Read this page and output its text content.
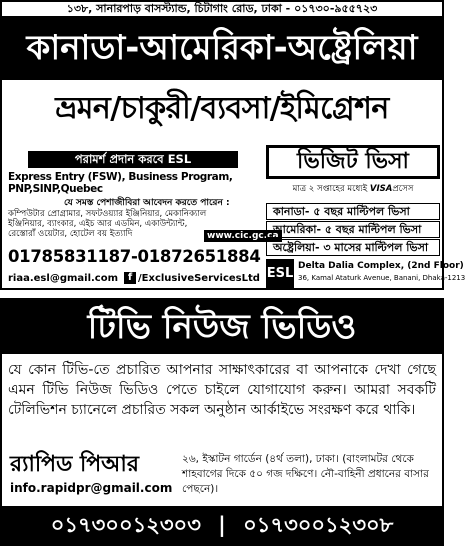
১৩৮, সানারপাড় বাসস্ট্যান্ড, চিটাগাং রোড, ঢাকা - ০১৭৩০-৯৫৫৭২৩
কানাডা-আমেরিকা-অষ্ট্রেলিয়া
ভ্রমন/চাকুরী/ব্যবসা/ইমিগ্রেশন
পরামর্শ প্রদান করবে ESL
Express Entry (FSW), Business Program, PNP,SINP,Quebec
যে সমস্ত পেশাজীবিরা আবেদন করতে পারেন :
কম্পিউটার প্রোগ্রামার, সফটওয়্যার ইঞ্জিনিয়ার, মেকানিক্যাল ইঞ্জিনিয়ার, ব্যাংকার, এইচ আর এডমিন, একাউন্ট্যান্ট, রেস্তোরাঁ ওয়েটার, হোটেল বয় ইত্যাদি	www.cic.gc.ca
01785831187-01872651884
riaa.esl@gmail.com f /ExclusiveServicesLtd
ভিজিট ভিসা
মাত্র ২ সপ্তাহের মধ্যেই VISAপ্রসেস
কানাডা- ৫ বছর মাল্টিপল ভিসা
আমেরিকা- ৫ বছর মাল্টিপল ভিসা
অষ্ট্রেলিয়া- ৩ মাসের মাল্টিপল ভিসা
ESL Delta Dalia Complex, (2nd Floor)
36, Kamal Ataturk Avenue, Banani, Dhaka-1213
টিভি নিউজ ভিডিও
যে কোন টিভি-তে প্রচারিত আপনার সাক্ষাৎকারের বা আপনাকে দেখা গেছে এমন টিভি নিউজ ভিডিও পেতে চাইলে যোগাযোগ করুন। আমরা সবকটি টেলিভিশন চ্যানেলে প্রচারিত সকল অনুষ্ঠান আর্কাইভে সংরক্ষণ করে থাকি।
র‍্যাপিড পিআর
info.rapidpr@gmail.com
২৬, ইস্কাটন গার্ডেন (৪র্থ তলা), ঢাকা। (বাংলামটর থেকে শাহবাগের দিকে ৫০ গজ দক্ষিণে। নৌ-বাহিনী প্রধানের বাসার পেছনে)।
০১৭৩০০১২৩০৩ | ০১৭৩০০১২৩০৮
